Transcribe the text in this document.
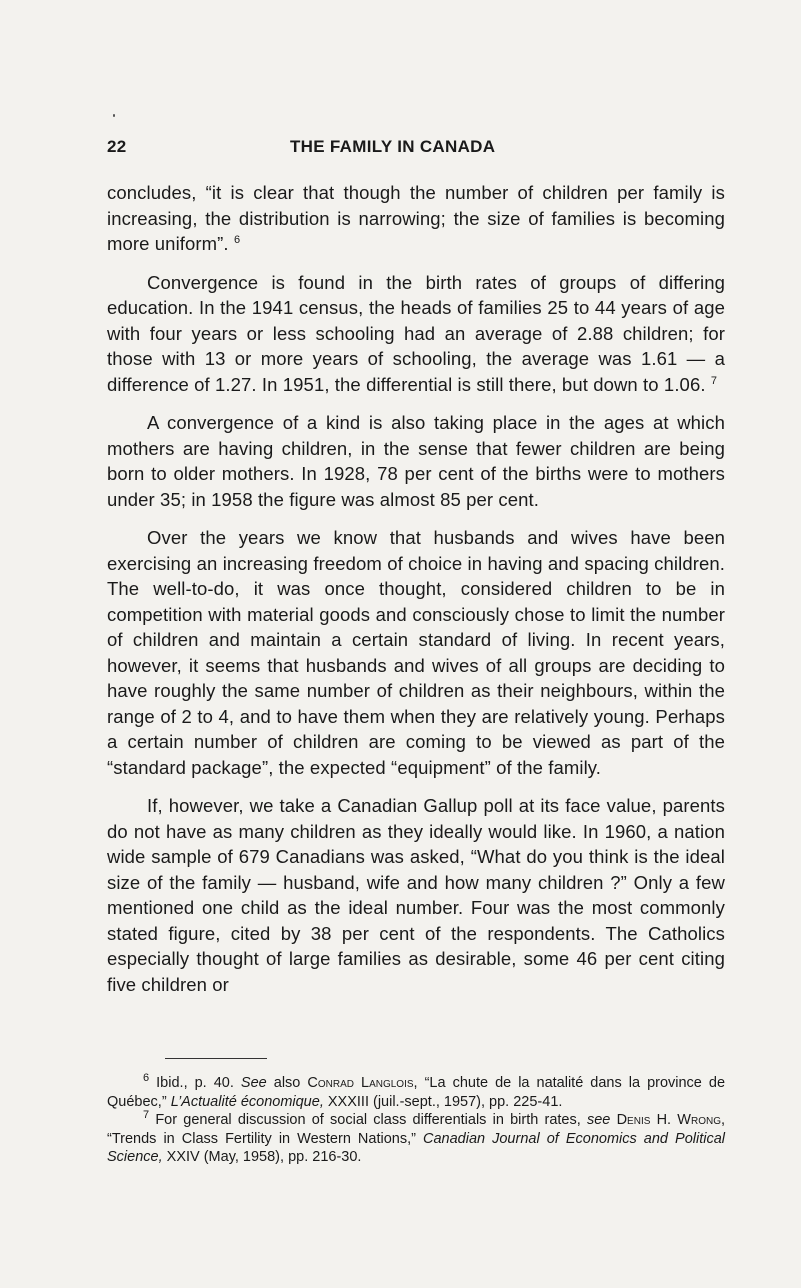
22	THE FAMILY IN CANADA

concludes, “it is clear that though the number of children per family is increasing, the distribution is narrowing; the size of families is becoming more uniform”. $^6$

Convergence is found in the birth rates of groups of differing education. In the 1941 census, the heads of families 25 to 44 years of age with four years or less schooling had an average of 2.88 children; for those with 13 or more years of schooling, the average was 1.61 — a difference of 1.27. In 1951, the differential is still there, but down to 1.06. $^7$

A convergence of a kind is also taking place in the ages at which mothers are having children, in the sense that fewer children are being born to older mothers. In 1928, 78 per cent of the births were to mothers under 35; in 1958 the figure was almost 85 per cent.

Over the years we know that husbands and wives have been exercising an increasing freedom of choice in having and spacing children. The well-to-do, it was once thought, considered children to be in competition with material goods and consciously chose to limit the number of children and maintain a certain standard of living. In recent years, however, it seems that husbands and wives of all groups are deciding to have roughly the same number of children as their neighbours, within the range of 2 to 4, and to have them when they are relatively young. Perhaps a certain number of children are coming to be viewed as part of the “standard package”, the expected “equipment” of the family.

If, however, we take a Canadian Gallup poll at its face value, parents do not have as many children as they ideally would like. In 1960, a nation wide sample of 679 Canadians was asked, “What do you think is the ideal size of the family — husband, wife and how many children ?” Only a few mentioned one child as the ideal number. Four was the most commonly stated figure, cited by 38 per cent of the respondents. The Catholics especially thought of large families as desirable, some 46 per cent citing five children or

$^6$ Ibid., p. 40. See also Conrad Langlois, “La chute de la natalité dans la province de Québec,” L’Actualité économique, XXXIII (juil.-sept., 1957), pp. 225-41.

$^7$ For general discussion of social class differentials in birth rates, see Denis H. Wrong, “Trends in Class Fertility in Western Nations,” Canadian Journal of Economics and Political Science, XXIV (May, 1958), pp. 216-30.
